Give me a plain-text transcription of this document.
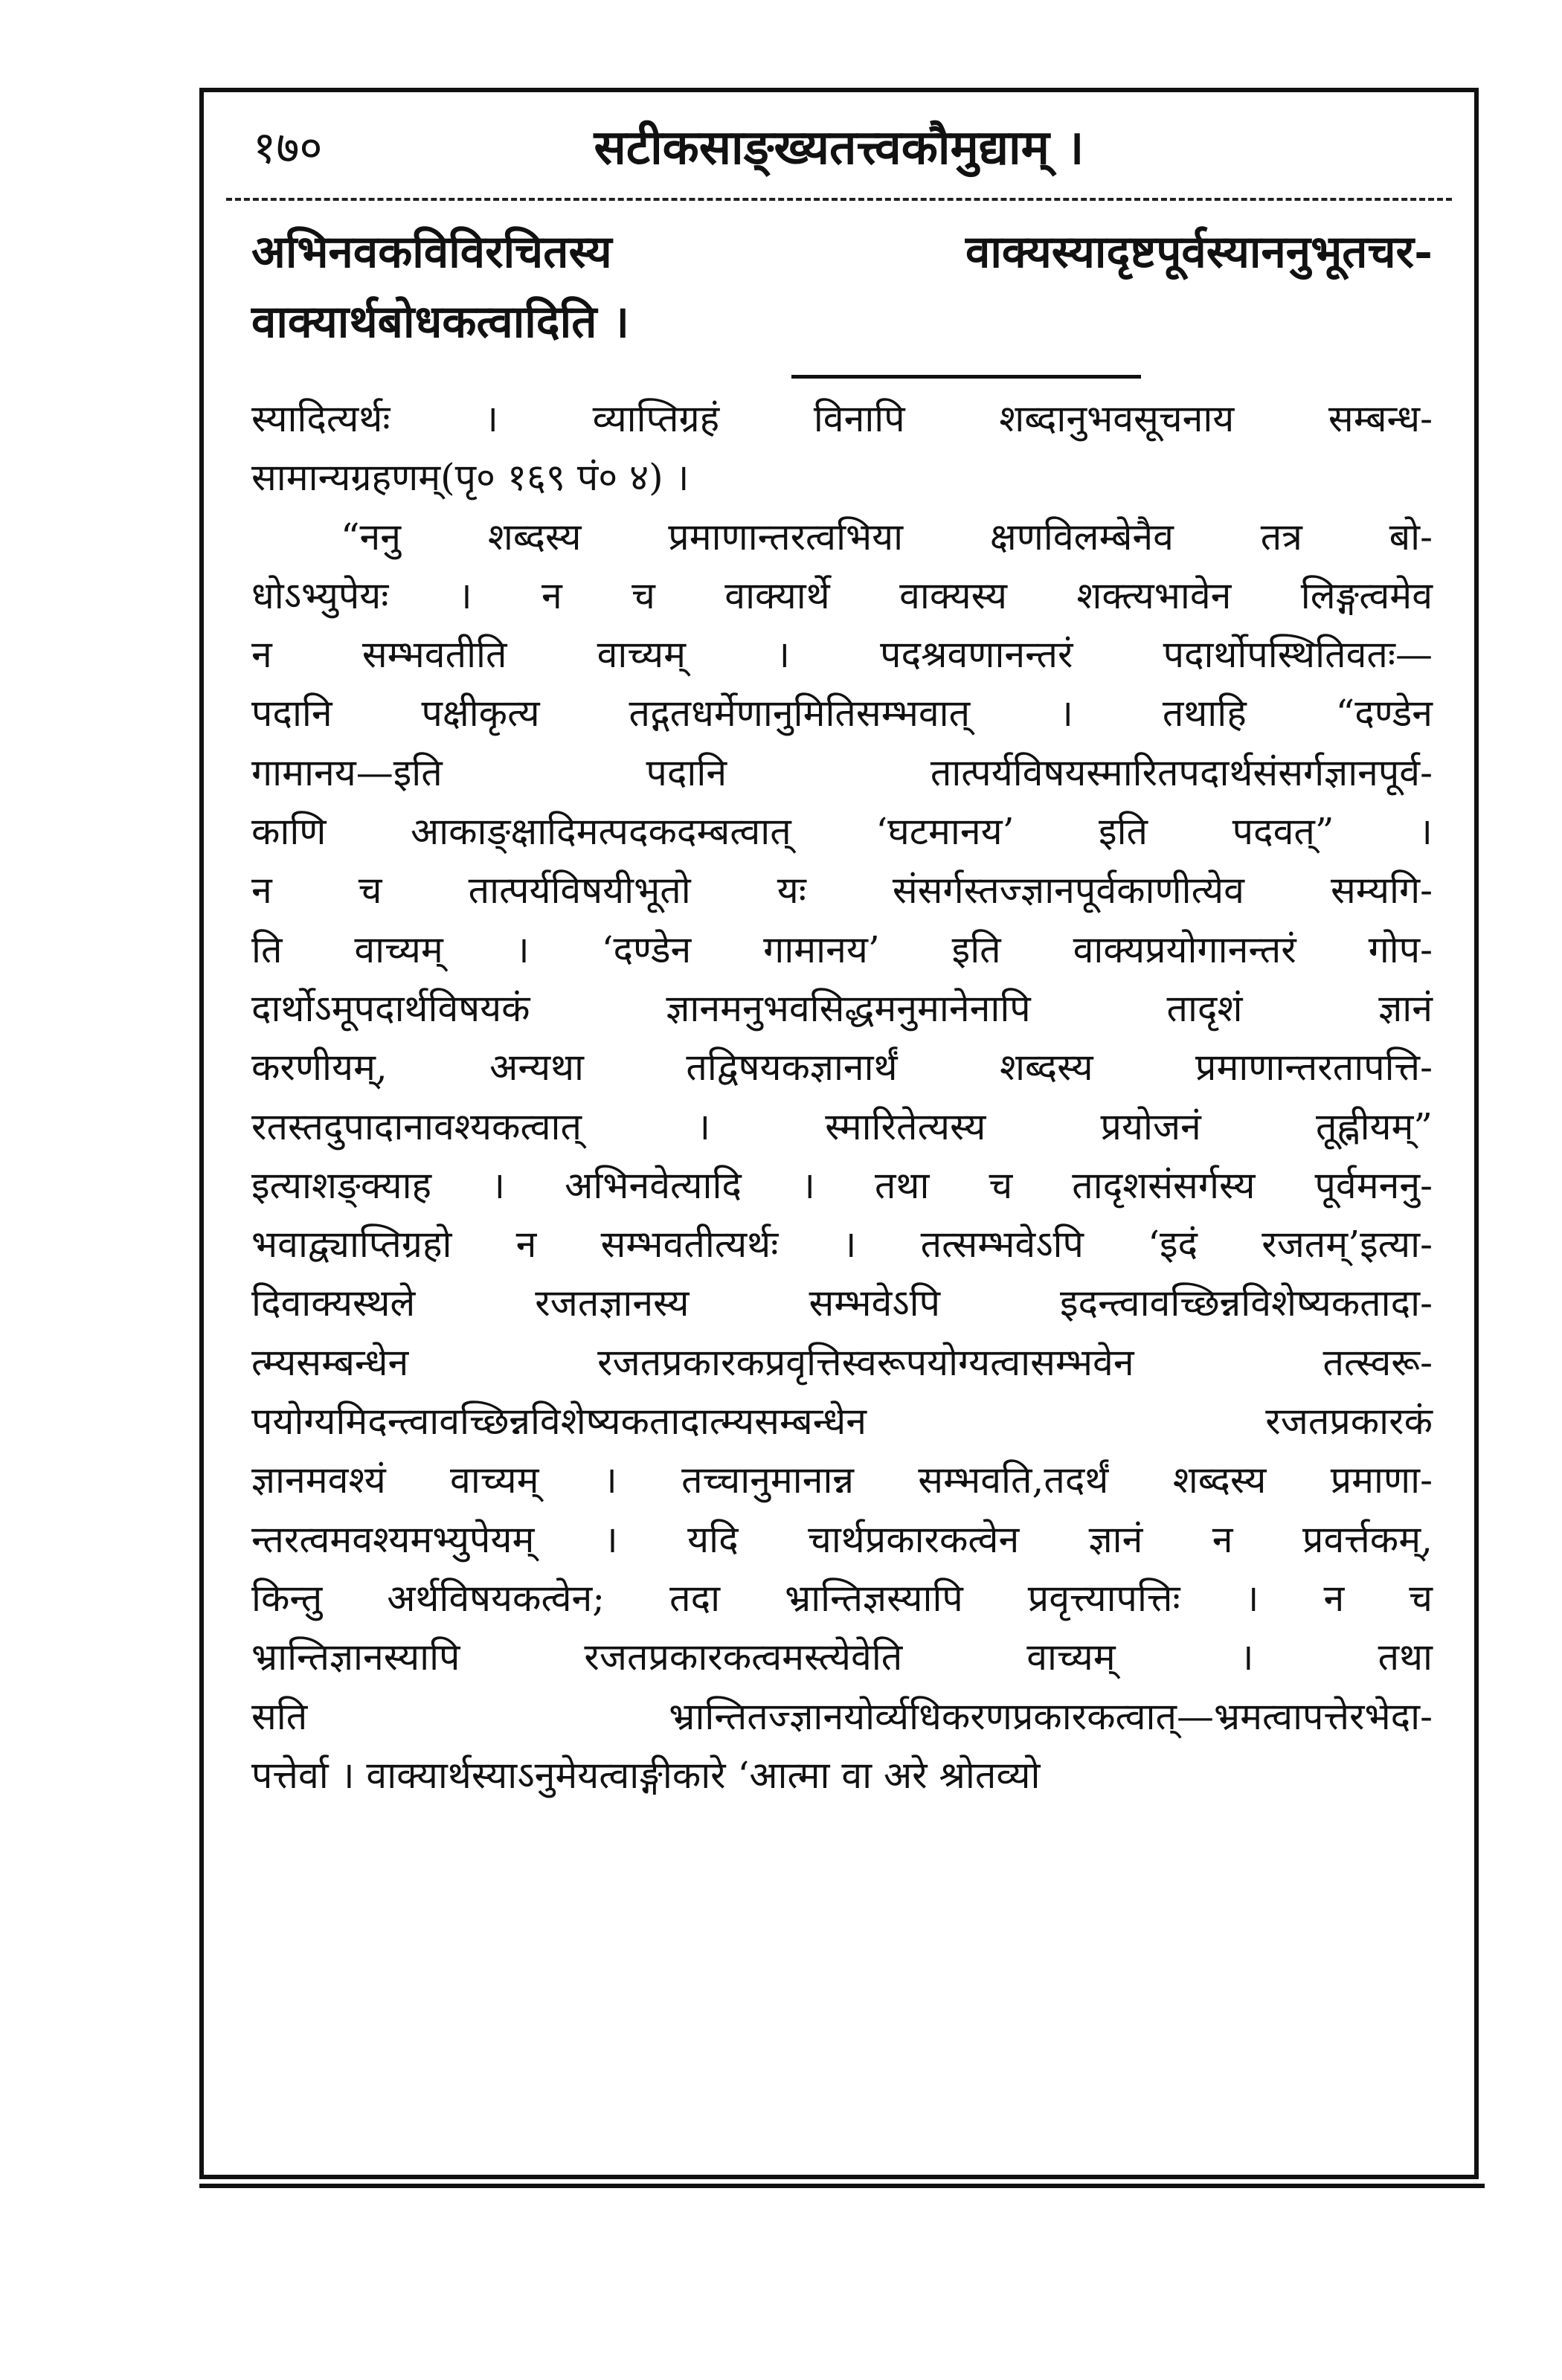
१७०	सटीकसाङ्ख्यतत्त्वकौमुद्याम् ।
अभिनवकविविरचितस्य वाक्यस्यादृष्टपूर्वस्याननुभूतचर-
वाक्यार्थबोधकत्वादिति ।
स्यादित्यर्थः । व्याप्तिग्रहं विनापि शब्दानुभवसूचनाय सम्बन्ध-
सामान्यग्रहणम्(पृ० १६९ पं० ४) ।
“ननु शब्दस्य प्रमाणान्तरत्वभिया क्षणविलम्बेनैव तत्र बो-
धोऽभ्युपेयः । न च वाक्यार्थे वाक्यस्य शक्त्यभावेन लिङ्गत्वमेव
न सम्भवतीति वाच्यम् । पदश्रवणानन्तरं पदार्थोपस्थितिवतः—
पदानि पक्षीकृत्य तद्गतधर्मेणानुमितिसम्भवात् । तथाहि “दण्डेन
गामानय—इति पदानि तात्पर्यविषयस्मारितपदार्थसंसर्गज्ञानपूर्व-
काणि आकाङ्क्षादिमत्पदकदम्बत्वात् ‘घटमानय’ इति पदवत्” ।
न च तात्पर्यविषयीभूतो यः संसर्गस्तज्ज्ञानपूर्वकाणीत्येव सम्यगि-
ति वाच्यम् । ‘दण्डेन गामानय’ इति वाक्यप्रयोगानन्तरं गोप-
दार्थोऽमूपदार्थविषयकं ज्ञानमनुभवसिद्धमनुमानेनापि तादृशं ज्ञानं
करणीयम्, अन्यथा तद्विषयकज्ञानार्थं शब्दस्य प्रमाणान्तरतापत्ति-
रतस्तदुपादानावश्यकत्वात् । स्मारितेत्यस्य प्रयोजनं तूह्नीयम्”
इत्याशङ्क्याह । अभिनवेत्यादि । तथा च तादृशसंसर्गस्य पूर्वमननु-
भवाद्व्याप्तिग्रहो न सम्भवतीत्यर्थः । तत्सम्भवेऽपि ‘इदं रजतम्’इत्या-
दिवाक्यस्थले रजतज्ञानस्य सम्भवेऽपि इदन्त्वावच्छिन्नविशेष्यकतादा-
त्म्यसम्बन्धेन रजतप्रकारकप्रवृत्तिस्वरूपयोग्यत्वासम्भवेन तत्स्वरू-
पयोग्यमिदन्त्वावच्छिन्नविशेष्यकतादात्म्यसम्बन्धेन रजतप्रकारकं
ज्ञानमवश्यं वाच्यम् । तच्चानुमानान्न सम्भवति,तदर्थं शब्दस्य प्रमाणा-
न्तरत्वमवश्यमभ्युपेयम् । यदि चार्थप्रकारकत्वेन ज्ञानं न प्रवर्त्तकम्,
किन्तु अर्थविषयकत्वेन; तदा भ्रान्तिज्ञस्यापि प्रवृत्त्यापत्तिः । न च
भ्रान्तिज्ञानस्यापि रजतप्रकारकत्वमस्त्येवेति वाच्यम् । तथा
सति भ्रान्तितज्ज्ञानयोर्व्यधिकरणप्रकारकत्वात्—भ्रमत्वापत्तेरभेदा-
पत्तेर्वा । वाक्यार्थस्याऽनुमेयत्वाङ्गीकारे ‘आत्मा वा अरे श्रोतव्यो
